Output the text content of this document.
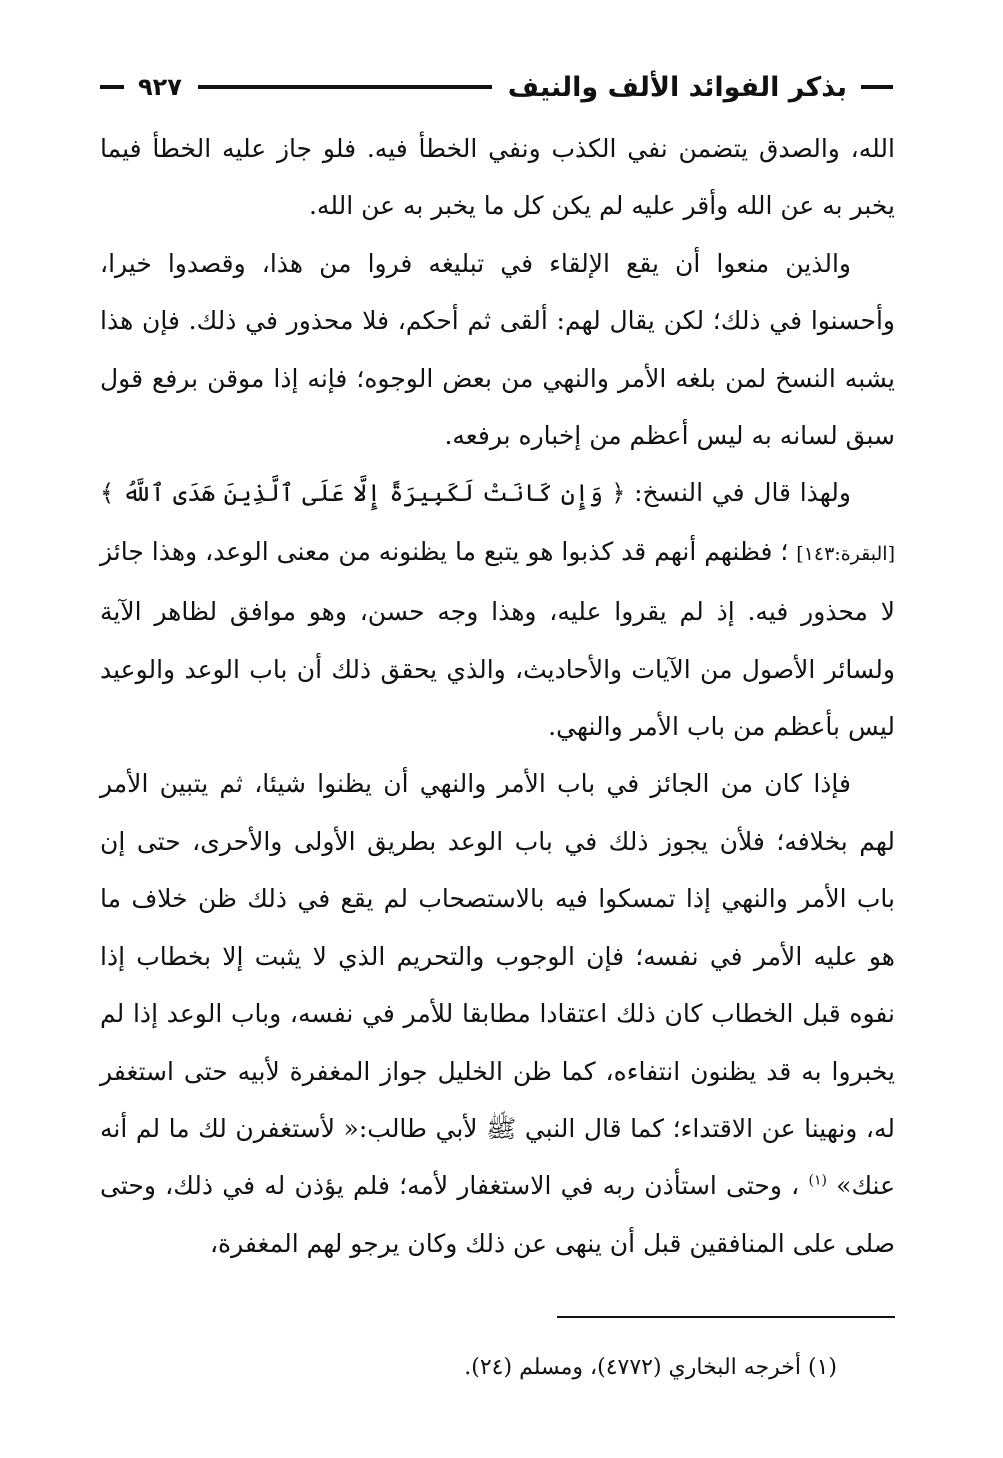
بذكر الفوائد الألف والنيف
٩٢٧

الله، والصدق يتضمن نفي الكذب ونفي الخطأ فيه. فلو جاز عليه الخطأ فيما يخبر به عن الله وأقر عليه لم يكن كل ما يخبر به عن الله.

والذين منعوا أن يقع الإلقاء في تبليغه فروا من هذا، وقصدوا خيرا، وأحسنوا في ذلك؛ لكن يقال لهم: ألقى ثم أحكم، فلا محذور في ذلك. فإن هذا يشبه النسخ لمن بلغه الأمر والنهي من بعض الوجوه؛ فإنه إذا موقن برفع قول سبق لسانه به ليس أعظم من إخباره برفعه.

ولهذا قال في النسخ: ﴿ وَإِن كَانَتْ لَكَبِيرَةً إِلَّا عَلَى ٱلَّذِينَ هَدَى ٱللَّهُ ﴾ [البقرة:١٤٣] ؛ فظنهم أنهم قد كذبوا هو يتبع ما يظنونه من معنى الوعد، وهذا جائز لا محذور فيه. إذ لم يقروا عليه، وهذا وجه حسن، وهو موافق لظاهر الآية ولسائر الأصول من الآيات والأحاديث، والذي يحقق ذلك أن باب الوعد والوعيد ليس بأعظم من باب الأمر والنهي.

فإذا كان من الجائز في باب الأمر والنهي أن يظنوا شيئا، ثم يتبين الأمر لهم بخلافه؛ فلأن يجوز ذلك في باب الوعد بطريق الأولى والأحرى، حتى إن باب الأمر والنهي إذا تمسكوا فيه بالاستصحاب لم يقع في ذلك ظن خلاف ما هو عليه الأمر في نفسه؛ فإن الوجوب والتحريم الذي لا يثبت إلا بخطاب إذا نفوه قبل الخطاب كان ذلك اعتقادا مطابقا للأمر في نفسه، وباب الوعد إذا لم يخبروا به قد يظنون انتفاءه، كما ظن الخليل جواز المغفرة لأبيه حتى استغفر له، ونهينا عن الاقتداء؛ كما قال النبي ﷺ لأبي طالب:« لأستغفرن لك ما لم أنه عنك» $^{(١)}$ ، وحتى استأذن ربه في الاستغفار لأمه؛ فلم يؤذن له في ذلك، وحتى صلى على المنافقين قبل أن ينهى عن ذلك وكان يرجو لهم المغفرة،

(١) أخرجه البخاري (٤٧٧٢)، ومسلم (٢٤).
